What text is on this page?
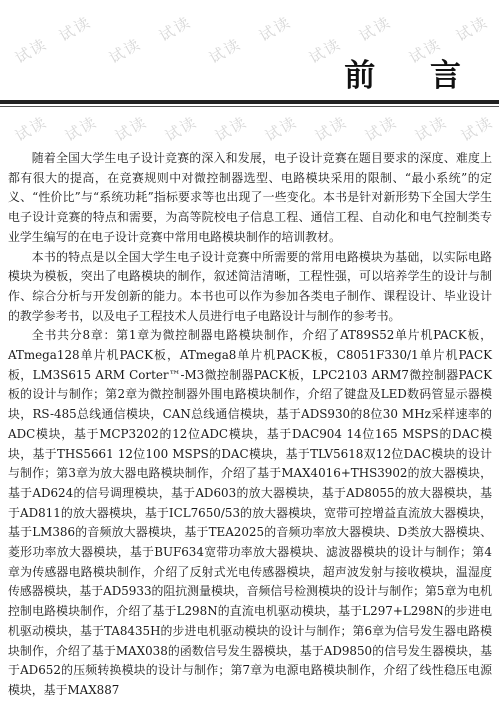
试读
试读
试读
试读
试读
试读
试读
试读
试读
试读
试读 试读 试读 试读 试读 试读 试读 试读 试读 试读
前 言

随着全国大学生电子设计竞赛的深入和发展，电子设计竞赛在题目要求的深度、难度上都有很大的提高，在竞赛规则中对微控制器选型、电路模块采用的限制、“最小系统”的定义、“性价比”与“系统功耗”指标要求等也出现了一些变化。本书是针对新形势下全国大学生电子设计竞赛的特点和需要，为高等院校电子信息工程、通信工程、自动化和电气控制类专业学生编写的在电子设计竞赛中常用电路模块制作的培训教材。

本书的特点是以全国大学生电子设计竞赛中所需要的常用电路模块为基础，以实际电路模块为模板，突出了电路模块的制作，叙述简洁清晰，工程性强，可以培养学生的设计与制作、综合分析与开发创新的能力。本书也可以作为参加各类电子制作、课程设计、毕业设计的教学参考书，以及电子工程技术人员进行电子电路设计与制作的参考书。

全书共分8章：第1章为微控制器电路模块制作，介绍了AT89S52单片机PACK板，ATmega128单片机PACK板，ATmega8单片机PACK板，C8051F330/1单片机PACK板，LM3S615 ARM Corter™-M3微控制器PACK板，LPC2103 ARM7微控制器PACK板的设计与制作；第2章为微控制器外围电路模块制作，介绍了键盘及LED数码管显示器模块，RS-485总线通信模块，CAN总线通信模块，基于ADS930的8位30 MHz采样速率的ADC模块，基于MCP3202的12位ADC模块，基于DAC904 14位165 MSPS的DAC模块，基于THS5661 12位100 MSPS的DAC模块，基于TLV5618双12位DAC模块的设计与制作；第3章为放大器电路模块制作，介绍了基于MAX4016+THS3902的放大器模块，基于AD624的信号调理模块，基于AD603的放大器模块，基于AD8055的放大器模块，基于AD811的放大器模块，基于ICL7650/53的放大器模块，宽带可控增益直流放大器模块，基于LM386的音频放大器模块，基于TEA2025的音频功率放大器模块、D类放大器模块、菱形功率放大器模块，基于BUF634宽带功率放大器模块、滤波器模块的设计与制作；第4章为传感器电路模块制作，介绍了反射式光电传感器模块，超声波发射与接收模块，温湿度传感器模块，基于AD5933的阻抗测量模块，音频信号检测模块的设计与制作；第5章为电机控制电路模块制作，介绍了基于L298N的直流电机驱动模块，基于L297+L298N的步进电机驱动模块，基于TA8435H的步进电机驱动模块的设计与制作；第6章为信号发生器电路模块制作，介绍了基于MAX038的函数信号发生器模块，基于AD9850的信号发生器模块，基于AD652的压频转换模块的设计与制作；第7章为电源电路模块制作，介绍了线性稳压电源模块，基于MAX887
